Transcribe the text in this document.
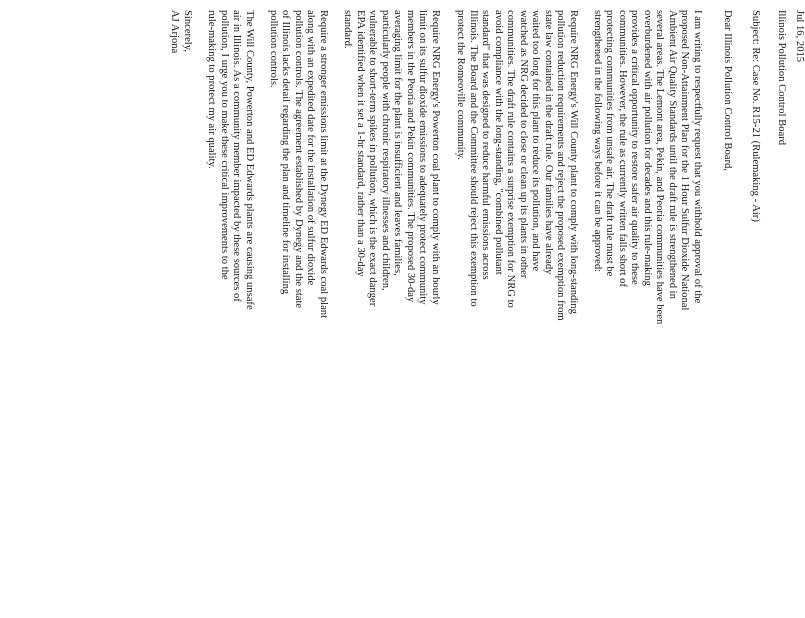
Jul 16, 2015
Illinois Pollution Control Board
Subject: Re: Case No. R15-21 (Rulemaking - Air)
Dear Illinois Pollution Control Board,
I am writing to respectfully request that you withhold approval of the
proposed Non-Attainment Plan for the 1 Hour Sulfur Dioxide National
Ambient Air Quality Standards until the draft rule is strengthened in
several areas. The Lemont area, Pekin, and Peoria communities have been
overburdened with air pollution for decades and this rule-making
provides a critical opportunity to restore safer air quality to these
communities. However, the rule as currently written falls short of
protecting communities from unsafe air. The draft rule must be
strengthened in the following ways before it can be approved:
Require NRG Energy's Will County plant to comply with long-standing
pollution reduction requirements and reject the proposed exemption from
state law contained in the draft rule. Our families have already
waited too long for this plant to reduce its pollution, and have
watched as NRG decided to close or clean up its plants in other
communities. The draft rule contains a surprise exemption for NRG to
avoid compliance with the long-standing, "combined pollutant
standard" that was designed to reduce harmful emissions across
Illinois. The Board and the Committee should reject this exemption to
protect the Romeoville community.
Require NRG Energy's Powerton coal plant to comply with an hourly
limit on its sulfur dioxide emissions to adequately protect community
members in the Peoria and Pekin communities. The proposed 30-day
averaging limit for the plant is insufficient and leaves families,
particularly people with chronic respiratory illnesses and children,
vulnerable to short-term spikes in pollution, which is the exact danger
EPA identified when it set a 1-hr standard, rather than a 30-day
standard.
Require a stronger emissions limit at the Dynegy ED Edwards coal plant
along with an expedited date for the installation of sulfur dioxide
pollution controls. The agreement established by Dynegy and the state
of Illinois lacks detail regarding the plan and timeline for installing
pollution controls.
The Will County, Powerton and ED Edwards plants are causing unsafe
air in Illinois. As a community member impacted by these sources of
pollution, I urge you to make these critical improvements to the
rule-making to protect my air quality.
Sincerely,
AJ Arjona
